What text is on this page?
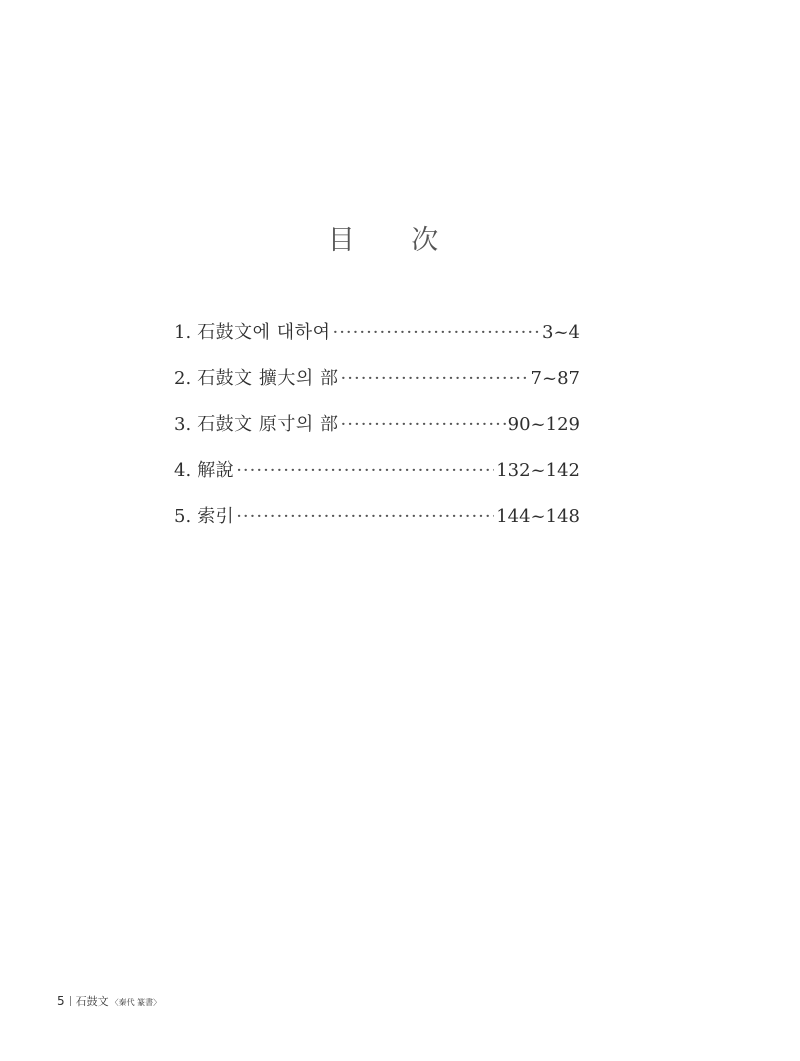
目 次
1. 石鼓文에 대하여 ·····	3~4
2. 石鼓文 擴大의 部 ·····	7~87
3. 石鼓文 原寸의 部 ·····	90~129
4. 解說 ·····	132~142
5. 索引 ·····	144~148
5 石鼓文 〈秦代 篆書〉
